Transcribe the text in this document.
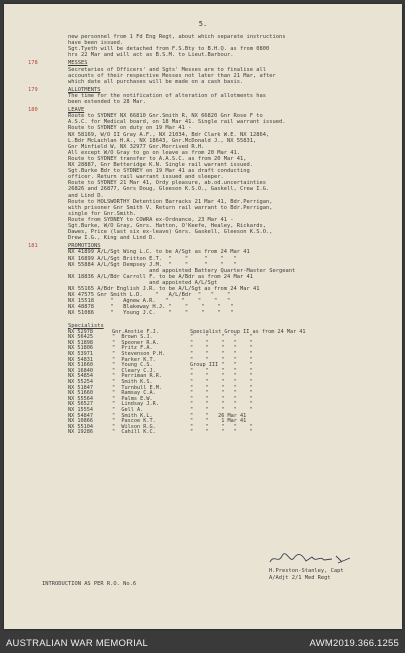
5.
new personnel from 1 Fd Eng Regt, about which separate instructions
have been issued.
Sgt.Tyeth will be detached from F.S.Bty to B.H.Q. as from 0800
hrs 22 Mar and will act as B.S.M. to Lieut.Barbour.
178	MESSES
Secretaries of Officers' and Sgts' Messes are to finalise all
accounts of their respective Messes not later than 21 Mar, after
which date all purchases will be made on a cash basis.
179	ALLOTMENTS
The time for the notification of alteration of allotments has
been extended to 28 Mar.
180	LEAVE
Route to SYDNEY NX 66810 Gnr.Smith R, NX 66820 Gnr Rose F to
A.S.C. for Medical board, on 18 Mar 41. Single rail warrant issued.
Route to SYDNEY on duty on 19 Mar 41 -
NX 58169, W/O II Gray A.F., NX 21034, Bdr Clark W.E. NX 12864,
L.Bdr McLachlan H.A., NX 18643, Gnr.McDonald J., NX 55831,
Gnr Minfield W, NX 32977 Gnr.Morrived R.H.
All except W/O Gray to go on leave as from 20 Mar 41.
Route to SYDNEY transfer to A.A.S.C. as from 20 Mar 41,
NX 28887, Gnr Betteridge K.N. Single rail warrant issued.
Sgt.Burke Bdr to SYDNEY on 19 Mar 41 as draft conducting
officer. Return rail warrant issued and sleeper.
Route to SYDNEY 21 Mar 41, Ordy pleasure, ab.od.uncertainties
26826 and 26877, Gnrs Doug, Gleeson K.S.O., Gaskell, Crew I.G.
and Lind D.
Route to HOLSWORTHY Detention Barracks 21 Mar 41, Bdr.Perrigan,
with prisoner Gnr Smith V. Return rail warrant to Bdr.Perrigan,
single for Gnr.Smith.
Route from SYDNEY to COWRA ex-Ordnance, 23 Mar 41 -
Sgt.Burke, W/O Gray, Gnrs. Hatton, O'Keefe, Healey, Rickards,
Dawes, Price (last six ex-leave) Gnrs. Gaskell, Gleeson K.S.O.,
Drew I.G., King and Lind D.
181	PROMOTIONS
NX 41899 A/L/Sgt Wing L.C. to be A/Sgt as from 24 Mar 41
NX 16899 A/L/Sgt Britton E.T.  "    "     "    "   "
NX 55884 A/L/Sgt Dempsey J.M.  "    "     "    "   "
and appointed Battery Quarter-Master Sergeant
NX 18836 A/L/Bdr Carroll F. to be A/Bdr as from 24 Mar 41
and appointed A/L/Sgt
NX 55165 A/Bdr English J.R. to be A/L/Sgt as from 24 Mar 41
NX 47575 Gnr Smith L.D.    "   A/L/Bdr  "   "    "
NX 15518     "   Agnew A.R.   "    "    "    "   "
NX 48878     "   Blakeway H.J. "    "    "    "   "
NX 51086     "   Young J.C.    "    "    "    "   "
Specialists
NX 52978	Gnr.Anstie F.J.	Specialist Group II as from 24 Mar 41
NX 56425	"  Brown S.J.	"    "    "   "    "
NX 51898	"  Spooner R.A.	"    "    "   "    "
NX 51806	"  Pritz F.A.	"    "    "   "    "
NX 53971	"  Stevenson P.H.	"    "    "   "    "
NX 54831	"  Parker K.T.	"    "    "   "    "
NX 51660	"  Young C.S.	Group III "   "    "
NX 16840	"  Cleary C.J.	"    "    "   "    "
NX 54854	"  Perriman R.R.	"    "    "   "    "
NX 55254	"  Smith K.S.	"    "    "   "    "
NX 51847	"  Turnbull E.M.	"    "    "   "    "
NX 51660	"  Ramsay C.A.	"    "    "   "    "
NX 55564	"  Palms E.W.	"    "    "   "    "
NX 56527	"  Lindsay J.R.	"    "    "   "    "
NX 15554	"  Gell A.	"    "    "   "    "
NX 54847	"  Smith K.L.	"    "   26 Mar 41
NX 10866	"  Pascoe K.T.	"    "    1 Mar 41
NX 55104	"  Wilson R.G.	"    "    "   "    "
NX 19286	"  Cahill K.C.	"    "    "   "    "
H.Preston-Stanley, Capt
A/Adjt 2/1 Med Regt
INTRODUCTION AS PER R.O. No.6
AUSTRALIAN WAR MEMORIAL	AWM2019.366.1255
